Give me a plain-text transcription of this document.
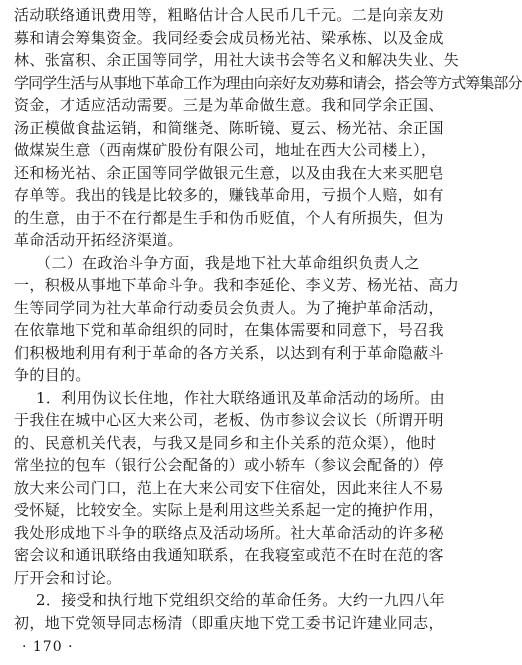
活动联络通讯费用等，粗略估计合人民币几千元。二是向亲友劝
募和请会筹集资金。我同经委会成员杨光祜、梁承栋、以及金成
林、张富积、余正国等同学，用社大读书会等名义和解决失业、失
学同学生活与从事地下革命工作为理由向亲好友劝募和请会，搭会等方式筹集部分
资金，才适应活动需要。三是为革命做生意。我和同学余正国、
汤正模做食盐运销，和简继尧、陈昕镜、夏云、杨光祜、余正国
做煤炭生意（西南煤矿股份有限公司，地址在西大公司楼上），
还和杨光祜、余正国等同学做银元生意，以及由我在大来买肥皂
存单等。我出的钱是比较多的，赚钱革命用，亏损个人赔，如有
的生意，由于不在行都是生手和伪币贬值，个人有所损失，但为
革命活动开拓经济渠道。
（二）在政治斗争方面，我是地下社大革命组织负责人之
一，积极从事地下革命斗争。我和李延伦、李义芳、杨光祜、高力
生等同学同为社大革命行动委员会负责人。为了掩护革命活动，
在依靠地下党和革命组织的同时，在集体需要和同意下，号召我
们积极地利用有利于革命的各方关系，以达到有利于革命隐蔽斗
争的目的。
1．利用伪议长住地，作社大联络通讯及革命活动的场所。由
于我住在城中心区大来公司，老板、伪市参议会议长（所谓开明
的、民意机关代表，与我又是同乡和主仆关系的范众渠），他时
常坐拉的包车（银行公会配备的）或小轿车（参议会配备的）停
放大来公司门口，范上在大来公司安下住宿处，因此来往人不易
受怀疑，比较安全。实际上是利用这些关系起一定的掩护作用，
我处形成地下斗争的联络点及活动场所。社大革命活动的许多秘
密会议和通讯联络由我通知联系，在我寝室或范不在时在范的客
厅开会和讨论。
2．接受和执行地下党组织交给的革命任务。大约一九四八年
初，地下党领导同志杨清（即重庆地下党工委书记许建业同志，
· 170 ·
